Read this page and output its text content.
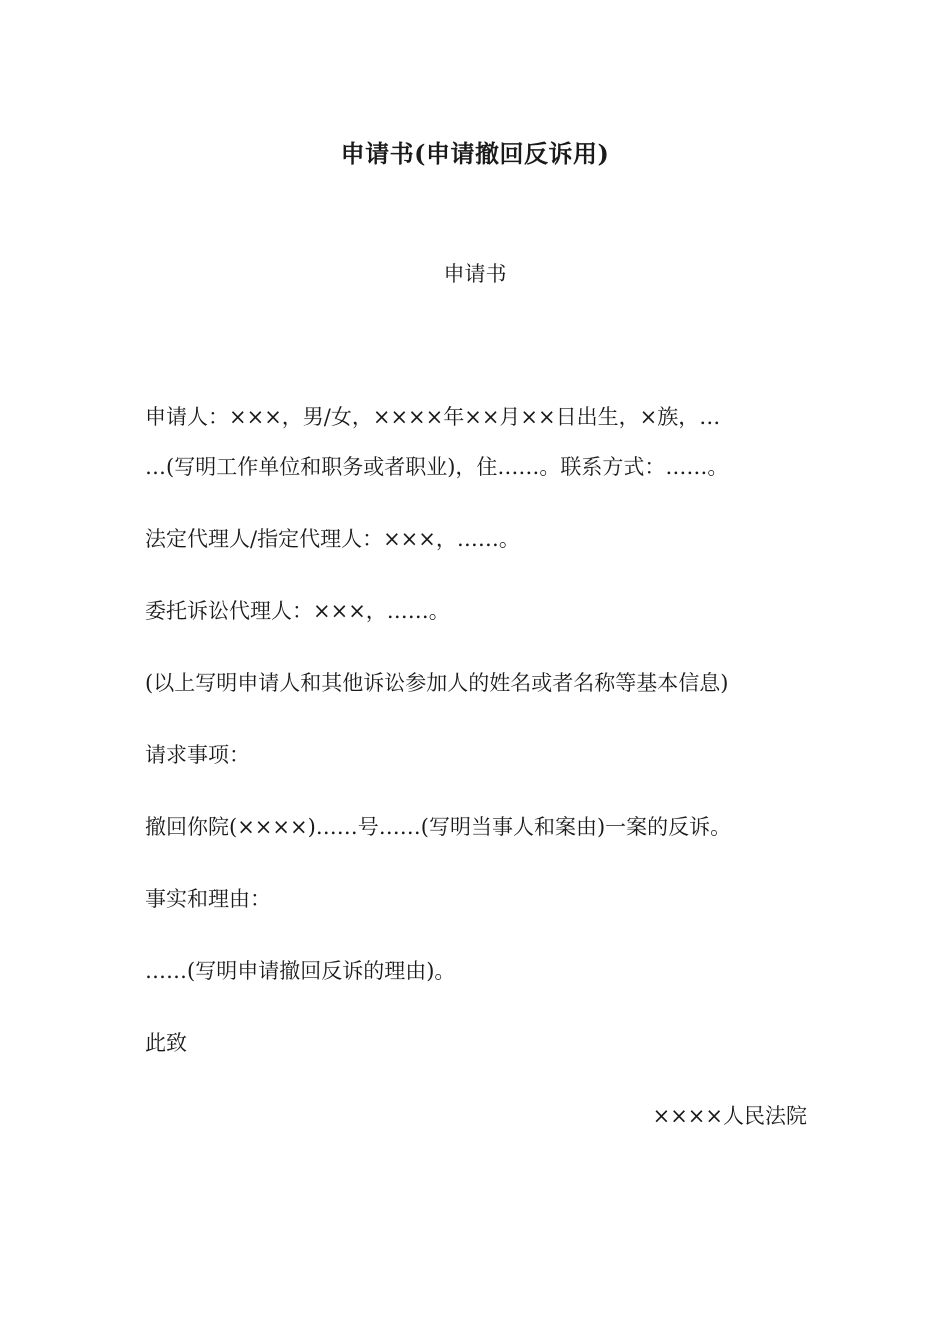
申请书(申请撤回反诉用)
申请书
申请人：×××，男/女，××××年××月××日出生，×族，…
…(写明工作单位和职务或者职业)，住……。联系方式：……。
法定代理人/指定代理人：×××，……。
委托诉讼代理人：×××，……。
(以上写明申请人和其他诉讼参加人的姓名或者名称等基本信息)
请求事项：
撤回你院(××××)……号……(写明当事人和案由)一案的反诉。
事实和理由：
……(写明申请撤回反诉的理由)。
此致
××××人民法院
